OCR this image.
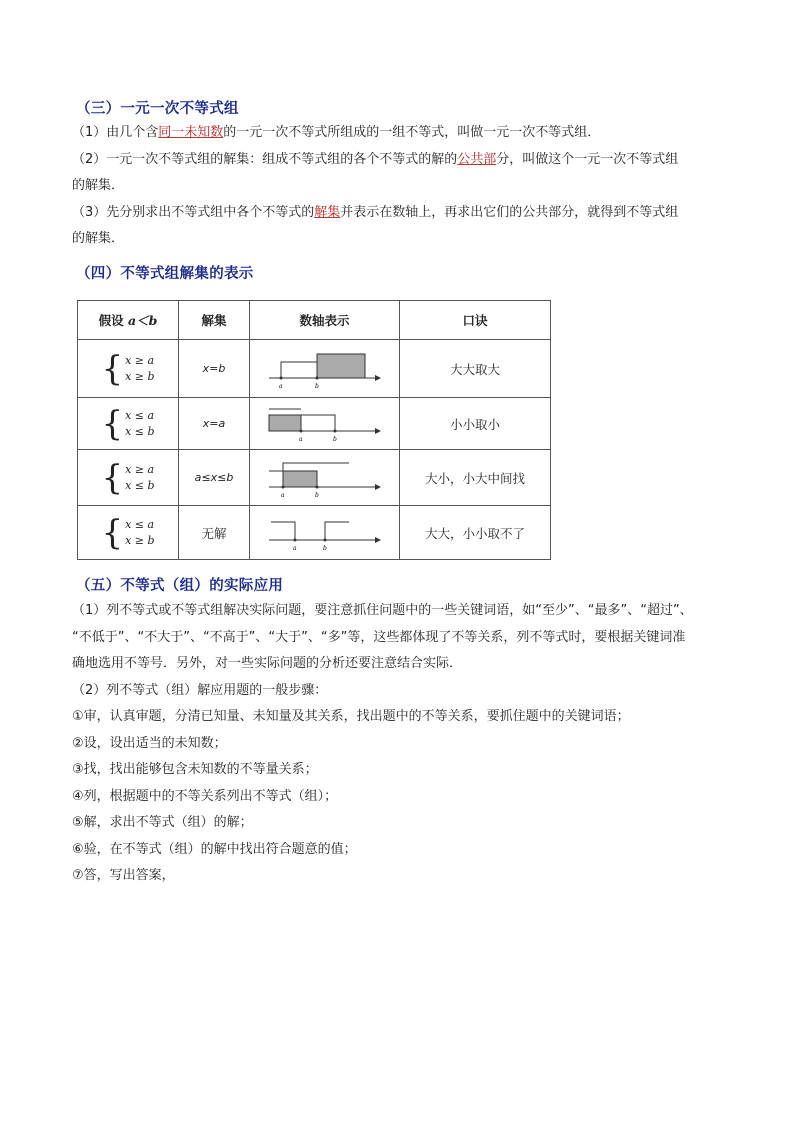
（三）一元一次不等式组
（1）由几个含同一未知数的一元一次不等式所组成的一组不等式，叫做一元一次不等式组．
（2）一元一次不等式组的解集：组成不等式组的各个不等式的解的公共部分，叫做这个一元一次不等式组
的解集．
（3）先分别求出不等式组中各个不等式的解集并表示在数轴上，再求出它们的公共部分，就得到不等式组
的解集．
（四）不等式组解集的表示
假设 a＜b	解集	数轴表示	口诀

{ x ≥ a
x ≥ b	x=b	a b	大大取大

{ x ≤ a
x ≤ b	x=a	a b	小小取小

{ x ≥ a
x ≤ b	a≤x≤b	a b	大小，小大中间找

{ x ≤ a
x ≥ b	无解	a b	大大，小小取不了
（五）不等式（组）的实际应用
（1）列不等式或不等式组解决实际问题，要注意抓住问题中的一些关键词语，如“至少”、“最多”、“超过”、
“不低于”、“不大于”、“不高于”、“大于”、“多”等，这些都体现了不等关系，列不等式时，要根据关键词准
确地选用不等号．另外，对一些实际问题的分析还要注意结合实际．
（2）列不等式（组）解应用题的一般步骤：
①审，认真审题，分清已知量、未知量及其关系，找出题中的不等关系，要抓住题中的关键词语；
②设，设出适当的未知数；
③找，找出能够包含未知数的不等量关系；
④列，根据题中的不等关系列出不等式（组）；
⑤解，求出不等式（组）的解；
⑥验，在不等式（组）的解中找出符合题意的值；
⑦答，写出答案，
